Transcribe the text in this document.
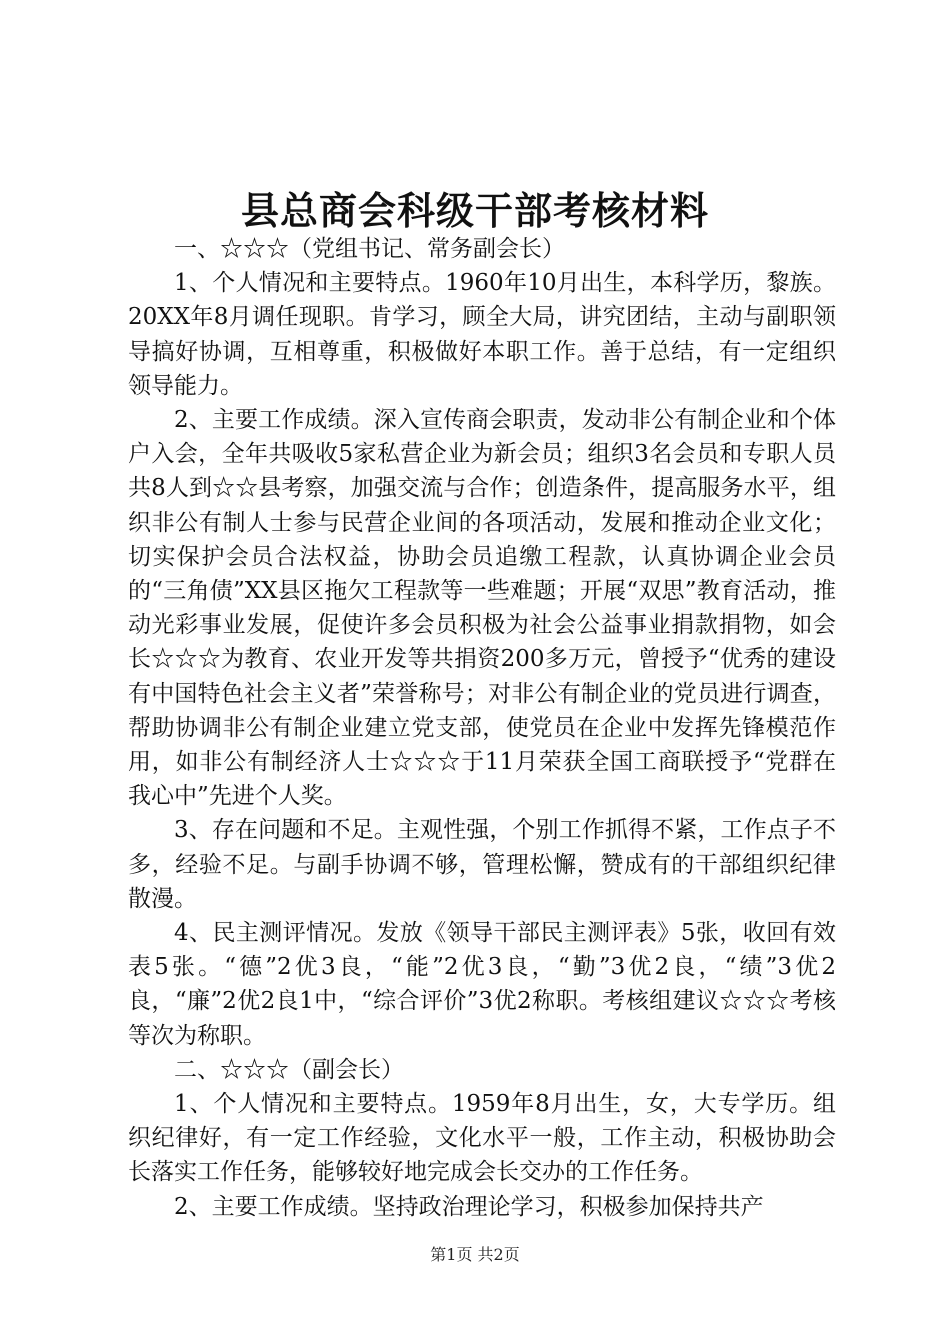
县总商会科级干部考核材料

一、☆☆☆（党组书记、常务副会长）

1、个人情况和主要特点。1960年10月出生，本科学历，黎族。20XX年8月调任现职。肯学习，顾全大局，讲究团结，主动与副职领导搞好协调，互相尊重，积极做好本职工作。善于总结，有一定组织领导能力。

2、主要工作成绩。深入宣传商会职责，发动非公有制企业和个体户入会，全年共吸收5家私营企业为新会员；组织3名会员和专职人员共8人到☆☆县考察，加强交流与合作；创造条件，提高服务水平，组织非公有制人士参与民营企业间的各项活动，发展和推动企业文化；切实保护会员合法权益，协助会员追缴工程款，认真协调企业会员的“三角债”XX县区拖欠工程款等一些难题；开展“双思”教育活动，推动光彩事业发展，促使许多会员积极为社会公益事业捐款捐物，如会长☆☆☆为教育、农业开发等共捐资200多万元，曾授予“优秀的建设有中国特色社会主义者”荣誉称号；对非公有制企业的党员进行调查，帮助协调非公有制企业建立党支部，使党员在企业中发挥先锋模范作用，如非公有制经济人士☆☆☆于11月荣获全国工商联授予“党群在我心中”先进个人奖。

3、存在问题和不足。主观性强，个别工作抓得不紧，工作点子不多，经验不足。与副手协调不够，管理松懈，赞成有的干部组织纪律散漫。

4、民主测评情况。发放《领导干部民主测评表》5张，收回有效表5张。“德”2优3良，“能”2优3良，“勤”3优2良，“绩”3优2良，“廉”2优2良1中，“综合评价”3优2称职。考核组建议☆☆☆考核等次为称职。

二、☆☆☆（副会长）

1、个人情况和主要特点。1959年8月出生，女，大专学历。组织纪律好，有一定工作经验，文化水平一般，工作主动，积极协助会长落实工作任务，能够较好地完成会长交办的工作任务。

2、主要工作成绩。坚持政治理论学习，积极参加保持共产

第1页 共2页
